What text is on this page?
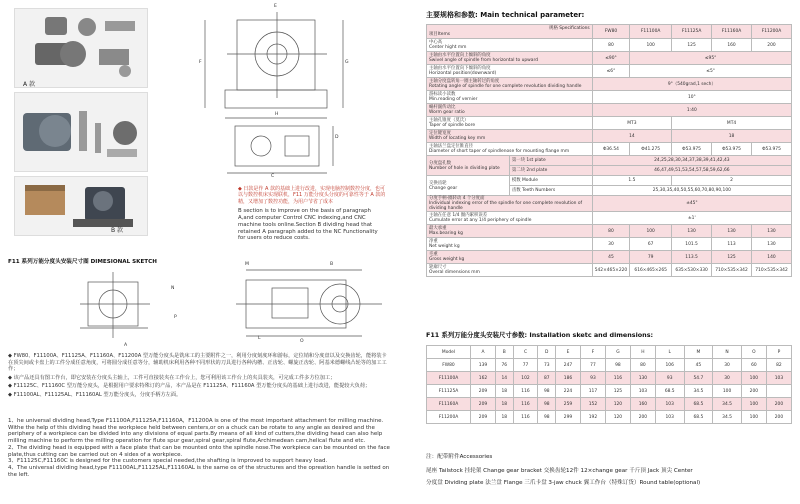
A 款
B 款
E
F	G
H
C
D
◆ 日款是作 A 款的基础上进行改进，实现电脑控制数控分度，也可以与数控机床实现联机，F11 万能分度头分度的可靠性等于 A 款的精，又增加了数控功能，为用户节省了成本
B section is to improve on the basis of paragraph A,and computer Control CNC indexing,and CNC machine tools online.Section B dividing head that retained A paragraph added to the NC Functionality for users oto reduce costs.
F11 系列万能分度头安装尺寸图 DIMESIONAL SKETCH
A
N
P
M	B
L
O
◆ FW80、F11100A、F11125A、F11160A、F11200A 型万能分度头是铣床工的主要附件之一，利用分度刻度环和游标，定位销和分度盘以及交换齿轮，能将装卡在顶尖间或卡盘上的工件分成任意角度，可将圆分成任意等分，辅助机床利用各种不同形状的刀具进行各种沟槽、正齿轮、螺旋正齿轮、阿基米德螺线凸轮等的加工工作；
◆ 该产品还具有图工作台，即它安装在分度头主轴上，工件可直接装夹在工作台上，您可利用该工作台上的夹具装夹，可完成工件多方位加工；
◆ F11125C、F11160C 型万能分度头，是根据用户要求特殊订的产品，本产品是在 F11125A、F11160A 型万能分度头的基础上进行改进，能提较大负荷；
◆ F11100AL、F11125AL、F11160AL 型万能分度头，分度手柄方左面。
1、he universal dividing head,Type F11100A,F11125A,F11160A，F11200A is one of the most important attachment for milling machine. Withe the help of this dividing head the workpiece held between centers,or on a chuck can be rotate to any angle as desired and the periphery of a workpiece can be divided into any divisions of equal parts.By means of all kind of cutters,the dividing head can also help milling machine to perform the milling operation for flute spur gear,spiral gear,spiral flute,Archimedean cam,helical flute and etc.
2、The dividing head is equipped with a face plate that can be mounted onto the spindle nose.The workpiece can be mounted on the face plate,thus cutting can be carried out on 4 sides of a workpiece.
3、F11125C,F11160C is designed for the customers special needed,the shafting is improved to support heavy load.
4、The universal dividing head,type F11100AL,F11125AL,F11160AL is the same os of the structures and the opreation handle is setted on the left.
主要规格和参数: Main technical parameter:
规格 Specifications
项目Items		FW80	F11100A	F11125A	F11160A	F11200A

中心高
Center hight mm		80	100	125	160	200

主轴由水平位置向上倾斜的角度
Swivel angle of spindle from horizontal to upward		≤90°	≤95°			

主轴由水平位置向下倾斜的角度
Horizontal position(downward)		≤6°	≤5°			

主轴分度盘转角一圈主轴转过的角度
Rotating angle of spindle for one complete revolution dividing handle		9°（540grad,1 sech）				

游标读小读数
Min.reading of vernier		10°				

蜗杆副传动比
Worm gear ratio		1:40				

主轴孔锥度（莫氏）
Taper of spindle bore		MT3		MT4		

定位键宽度
Width of locating key mm		14		18		

主轴法兰盘定位锥直径
Diameter of short taper of spindlenose for mounting flange mm		Φ36.54	Φ41.275	Φ53.975	Φ53.975	Φ53.975

分度盘孔数
Number of hole in dividing plate	第一块 1st plate	24,25,28,30,34,37,38,39,41,42,43				
	第二块 2nd plate	46,47,49,51,53,54,57,58,59,62,66				

交换齿轮
Change gear	模数 Module	1.5		2		
	齿数 Teeth Numbers	25,30,35,40,50,55,60,70,80,90,100				

分度手柄-圈转动 4 个分度面
Individual indexing error of the spindle for one complete revolution of dividing handle		±45"				

主轴在任意 1/4 圈内累积误差
Cumulate error at any 1/4 periphery of spindle		±1'				

最大承重
Max.bearing kg		80	100	130	130	130

净重
Net weight kg		30	67	101.5	113	130

毛重
Gross weight kg		45	79	113.5	125	140

轮廓尺寸
Overal dimensions mm		542×465×220	616×465×265	635×530×330	710×535×342	710×535×342
F11 系列万能分度头安装尺寸参数: Installation sketc and dimensions:
Model	A	B	C	D	E	F	G	H	L	M	N	O	P
FW80	139	76	77	73	247	77	98	80	106	45	30	60	82
F11100A	162	14	102	87	186	93	116	130	93	54.7	30	100	103
F11125A	209	18	116	98	224	117	125	103	68.5	34.5	100	200	
F11160A	209	18	116	98	259	152	120	160	103	68.5	34.5	100	200
F11200A	209	18	116	98	299	192	120	200	103	68.5	34.5	100	200
注：配带附件Accessories
尾座 Tailstock 挂轮架 Change gear bracket 交换齿轮12件 12×change gear 千斤顶 Jack 顶尖 Center
分度盘 Dividing plate 法兰盘 Flange 三爪卡盘 3-jaw chuck 翼工作台（特殊订货）Round table(optional)
